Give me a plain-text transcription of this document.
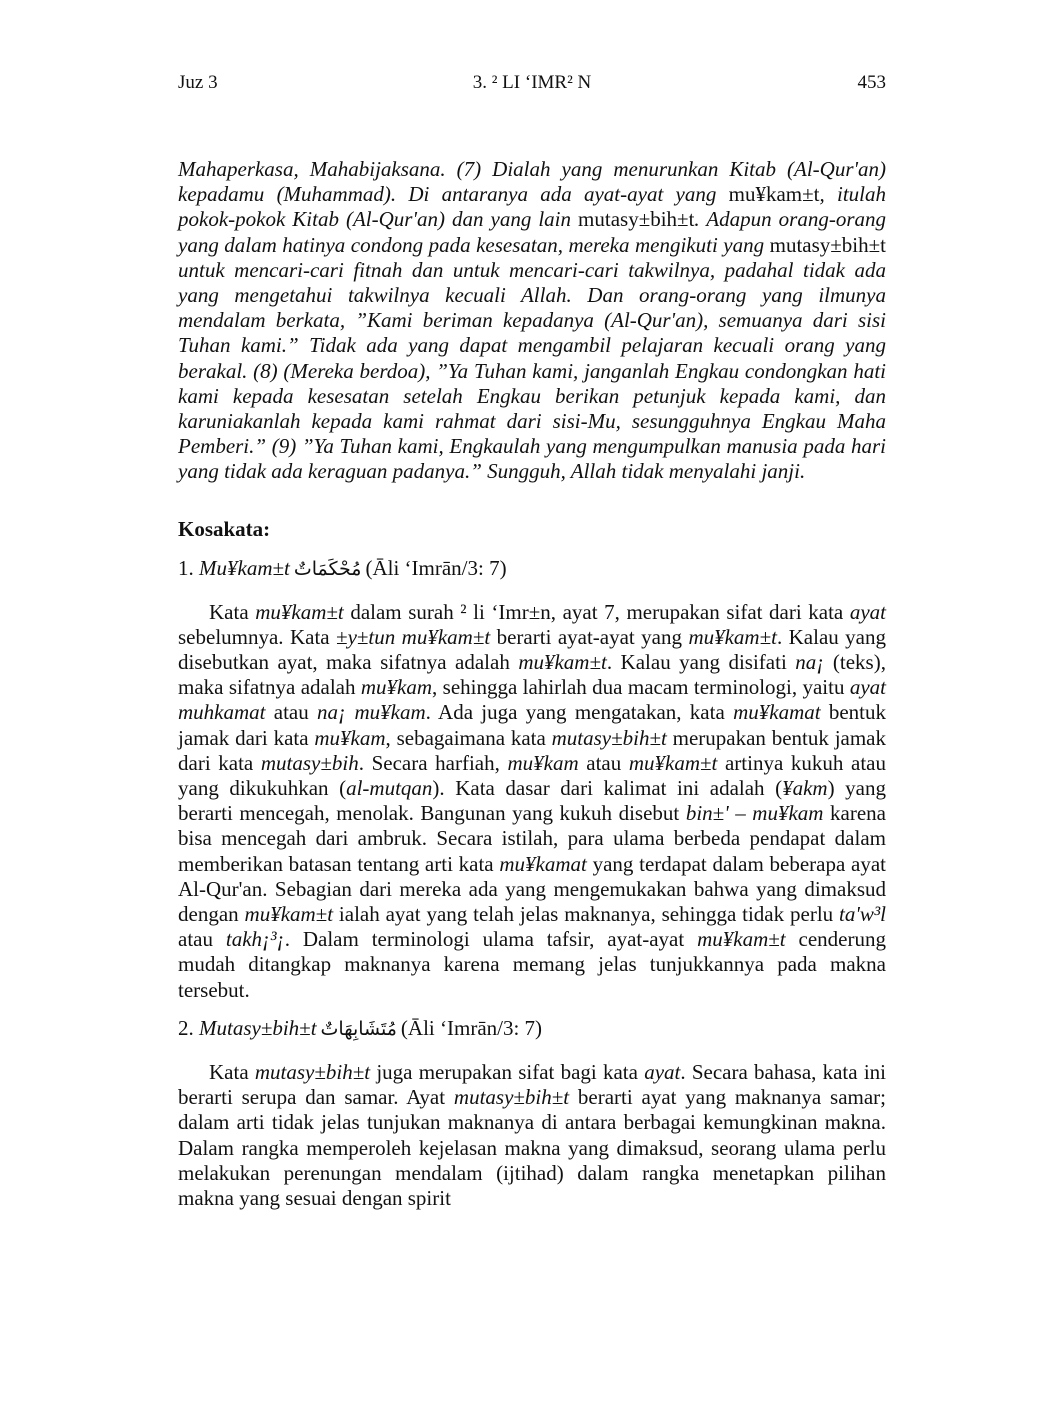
Juz 3	3. ² LI ‘IMR² N	453

Mahaperkasa, Mahabijaksana. (7) Dialah yang menurunkan Kitab (Al-Qur'an) kepadamu (Muhammad). Di antaranya ada ayat-ayat yang mu¥kam±t, itulah pokok-pokok Kitab (Al-Qur'an) dan yang lain mutasy±bih±t. Adapun orang-orang yang dalam hatinya condong pada kesesatan, mereka mengikuti yang mutasy±bih±t untuk mencari-cari fitnah dan untuk mencari-cari takwilnya, padahal tidak ada yang mengetahui takwilnya kecuali Allah. Dan orang-orang yang ilmunya mendalam berkata, ”Kami beriman kepadanya (Al-Qur'an), semuanya dari sisi Tuhan kami.” Tidak ada yang dapat mengambil pelajaran kecuali orang yang berakal. (8) (Mereka berdoa), ”Ya Tuhan kami, janganlah Engkau condongkan hati kami kepada kesesatan setelah Engkau berikan petunjuk kepada kami, dan karuniakanlah kepada kami rahmat dari sisi-Mu, sesungguhnya Engkau Maha Pemberi.” (9) ”Ya Tuhan kami, Engkaulah yang mengumpulkan manusia pada hari yang tidak ada keraguan padanya.” Sungguh, Allah tidak menyalahi janji.

Kosakata:
1. Mu¥kam±t مُحْكَمَاتٌ (Āli ‘Imrān/3: 7)

Kata mu¥kam±t dalam surah ² li ‘Imr±n, ayat 7, merupakan sifat dari kata ayat sebelumnya. Kata ±y±tun mu¥kam±t berarti ayat-ayat yang mu¥kam±t. Kalau yang disebutkan ayat, maka sifatnya adalah mu¥kam±t. Kalau yang disifati na¡ (teks), maka sifatnya adalah mu¥kam, sehingga lahirlah dua macam terminologi, yaitu ayat muhkamat atau na¡ mu¥kam. Ada juga yang mengatakan, kata mu¥kamat bentuk jamak dari kata mu¥kam, sebagaimana kata mutasy±bih±t merupakan bentuk jamak dari kata mutasy±bih. Secara harfiah, mu¥kam atau mu¥kam±t artinya kukuh atau yang dikukuhkan (al-mutqan). Kata dasar dari kalimat ini adalah (¥akm) yang berarti mencegah, menolak. Bangunan yang kukuh disebut bin±' – mu¥kam karena bisa mencegah dari ambruk. Secara istilah, para ulama berbeda pendapat dalam memberikan batasan tentang arti kata mu¥kamat yang terdapat dalam beberapa ayat Al-Qur'an. Sebagian dari mereka ada yang mengemukakan bahwa yang dimaksud dengan mu¥kam±t ialah ayat yang telah jelas maknanya, sehingga tidak perlu ta'w³l atau takh¡³¡. Dalam terminologi ulama tafsir, ayat-ayat mu¥kam±t cenderung mudah ditangkap maknanya karena memang jelas tunjukkannya pada makna tersebut.

2. Mutasy±bih±t مُتَشَابِهَاتٌ (Āli ‘Imrān/3: 7)

Kata mutasy±bih±t juga merupakan sifat bagi kata ayat. Secara bahasa, kata ini berarti serupa dan samar. Ayat mutasy±bih±t berarti ayat yang maknanya samar; dalam arti tidak jelas tunjukan maknanya di antara berbagai kemungkinan makna. Dalam rangka memperoleh kejelasan makna yang dimaksud, seorang ulama perlu melakukan perenungan mendalam (ijtihad) dalam rangka menetapkan pilihan makna yang sesuai dengan spirit
